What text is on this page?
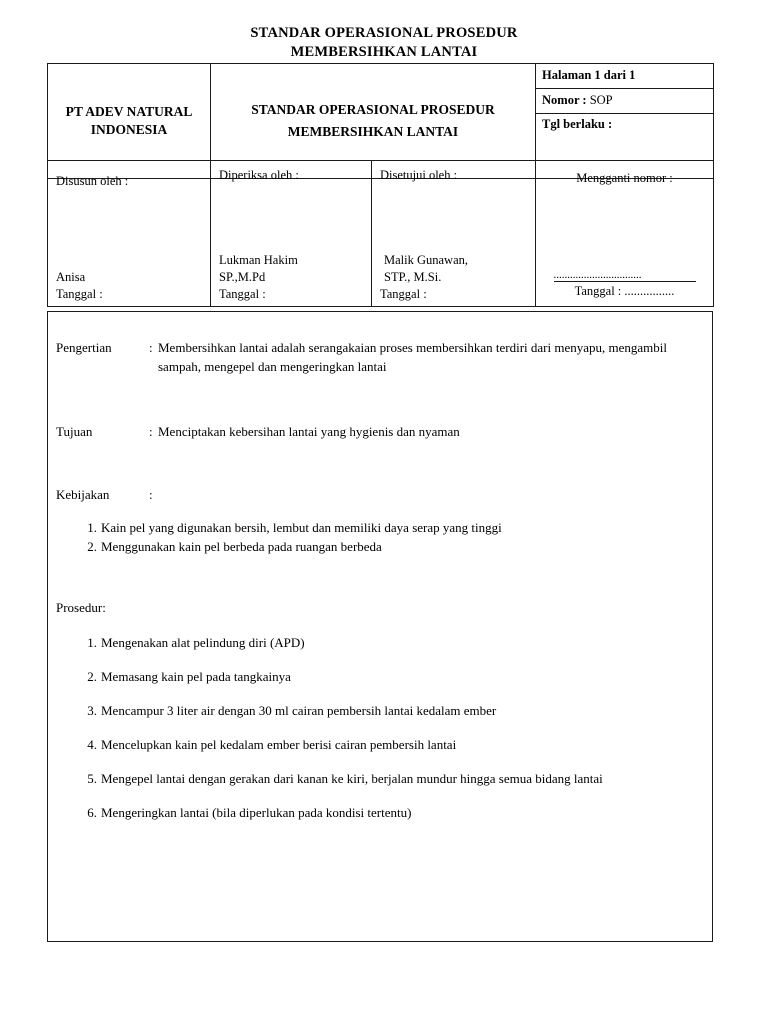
STANDAR OPERASIONAL PROSEDUR
MEMBERSIHKAN LANTAI
PT ADEV NATURAL
INDONESIA

STANDAR OPERASIONAL PROSEDUR
MEMBERSIHKAN LANTAI
	Halaman 1 dari 1
Nomor : SOP
Tgl berlaku :
Disusun oleh :
Anisa
Tanggal :

Diperiksa oleh :
Lukman Hakim
SP.,M.Pd
Tanggal :

Disetujui oleh :
Malik Gunawan,
STP., M.Si.
Tanggal :

Mengganti nomor :
................................
Tanggal : ................
Pengertian	: Membersihkan lantai adalah serangakaian proses membersihkan terdiri dari menyapu, mengambil sampah, mengepel dan mengeringkan lantai
Tujuan	: Menciptakan kebersihan lantai yang hygienis dan nyaman
Kebijakan	:
1. Kain pel yang digunakan bersih, lembut dan memiliki daya serap yang tinggi
2. Menggunakan kain pel berbeda pada ruangan berbeda
Prosedur:
1. Mengenakan alat pelindung diri (APD)
2. Memasang kain pel pada tangkainya
3. Mencampur 3 liter air dengan 30 ml cairan pembersih lantai kedalam ember
4. Mencelupkan kain pel kedalam ember berisi cairan pembersih lantai
5. Mengepel lantai dengan gerakan dari kanan ke kiri, berjalan mundur hingga semua bidang lantai
6. Mengeringkan lantai (bila diperlukan pada kondisi tertentu)
